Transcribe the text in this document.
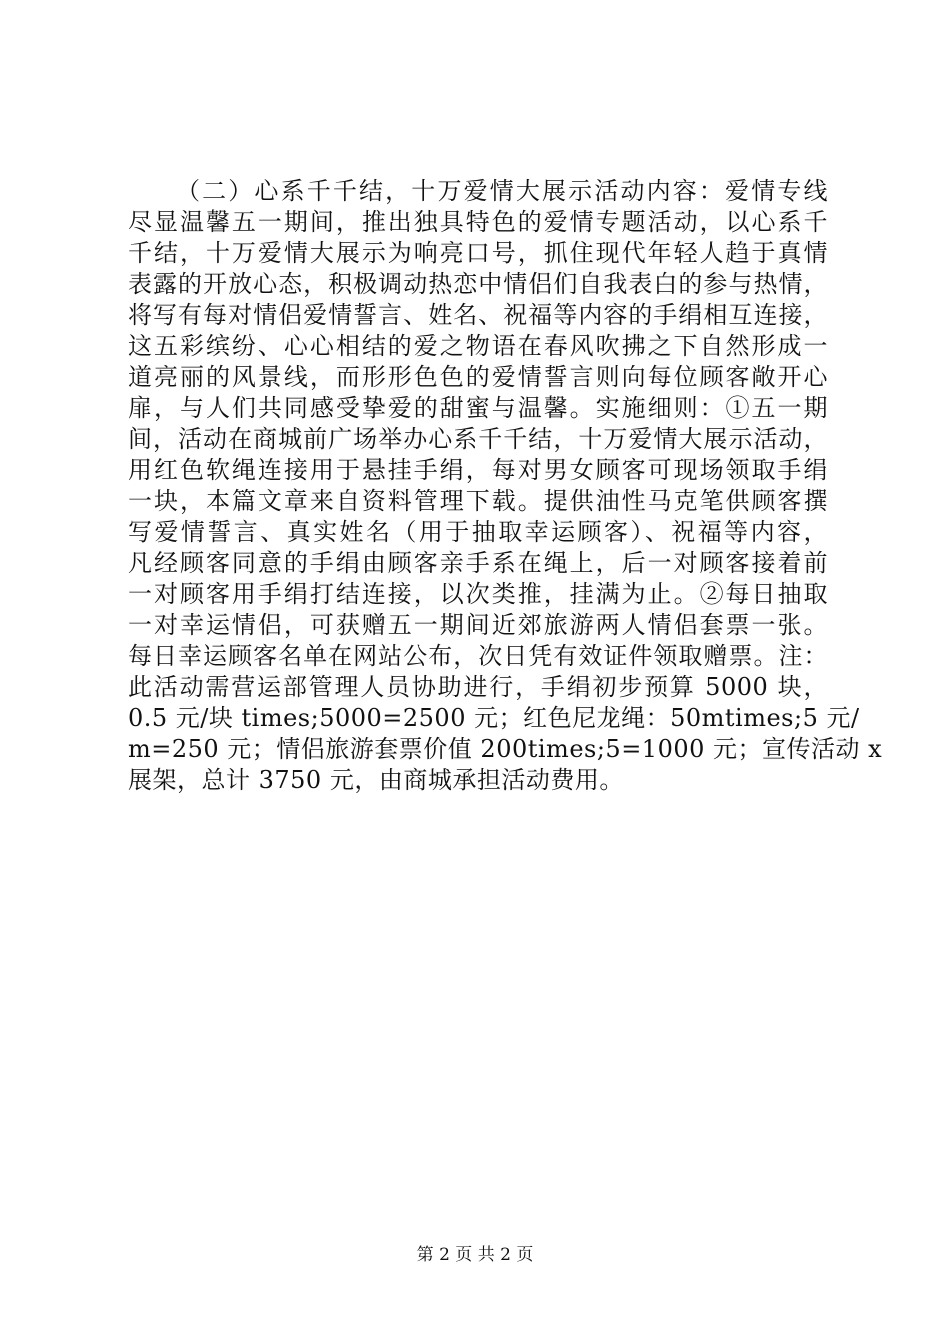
（二）心系千千结，十万爱情大展示活动内容：爱情专线
尽显温馨五一期间，推出独具特色的爱情专题活动，以心系千
千结，十万爱情大展示为响亮口号，抓住现代年轻人趋于真情
表露的开放心态，积极调动热恋中情侣们自我表白的参与热情，
将写有每对情侣爱情誓言、姓名、祝福等内容的手绢相互连接，
这五彩缤纷、心心相结的爱之物语在春风吹拂之下自然形成一
道亮丽的风景线，而形形色色的爱情誓言则向每位顾客敞开心
扉，与人们共同感受挚爱的甜蜜与温馨。实施细则：①五一期
间，活动在商城前广场举办心系千千结，十万爱情大展示活动，
用红色软绳连接用于悬挂手绢，每对男女顾客可现场领取手绢
一块，本篇文章来自资料管理下载。提供油性马克笔供顾客撰
写爱情誓言、真实姓名（用于抽取幸运顾客）、祝福等内容，
凡经顾客同意的手绢由顾客亲手系在绳上，后一对顾客接着前
一对顾客用手绢打结连接，以次类推，挂满为止。②每日抽取
一对幸运情侣，可获赠五一期间近郊旅游两人情侣套票一张。
每日幸运顾客名单在网站公布，次日凭有效证件领取赠票。注：
此活动需营运部管理人员协助进行，手绢初步预算 5000 块，
0.5 元/块 times;5000=2500 元；红色尼龙绳：50mtimes;5 元/
m=250 元；情侣旅游套票价值 200times;5=1000 元；宣传活动 x
展架，总计 3750 元，由商城承担活动费用。
第 2 页 共 2 页
